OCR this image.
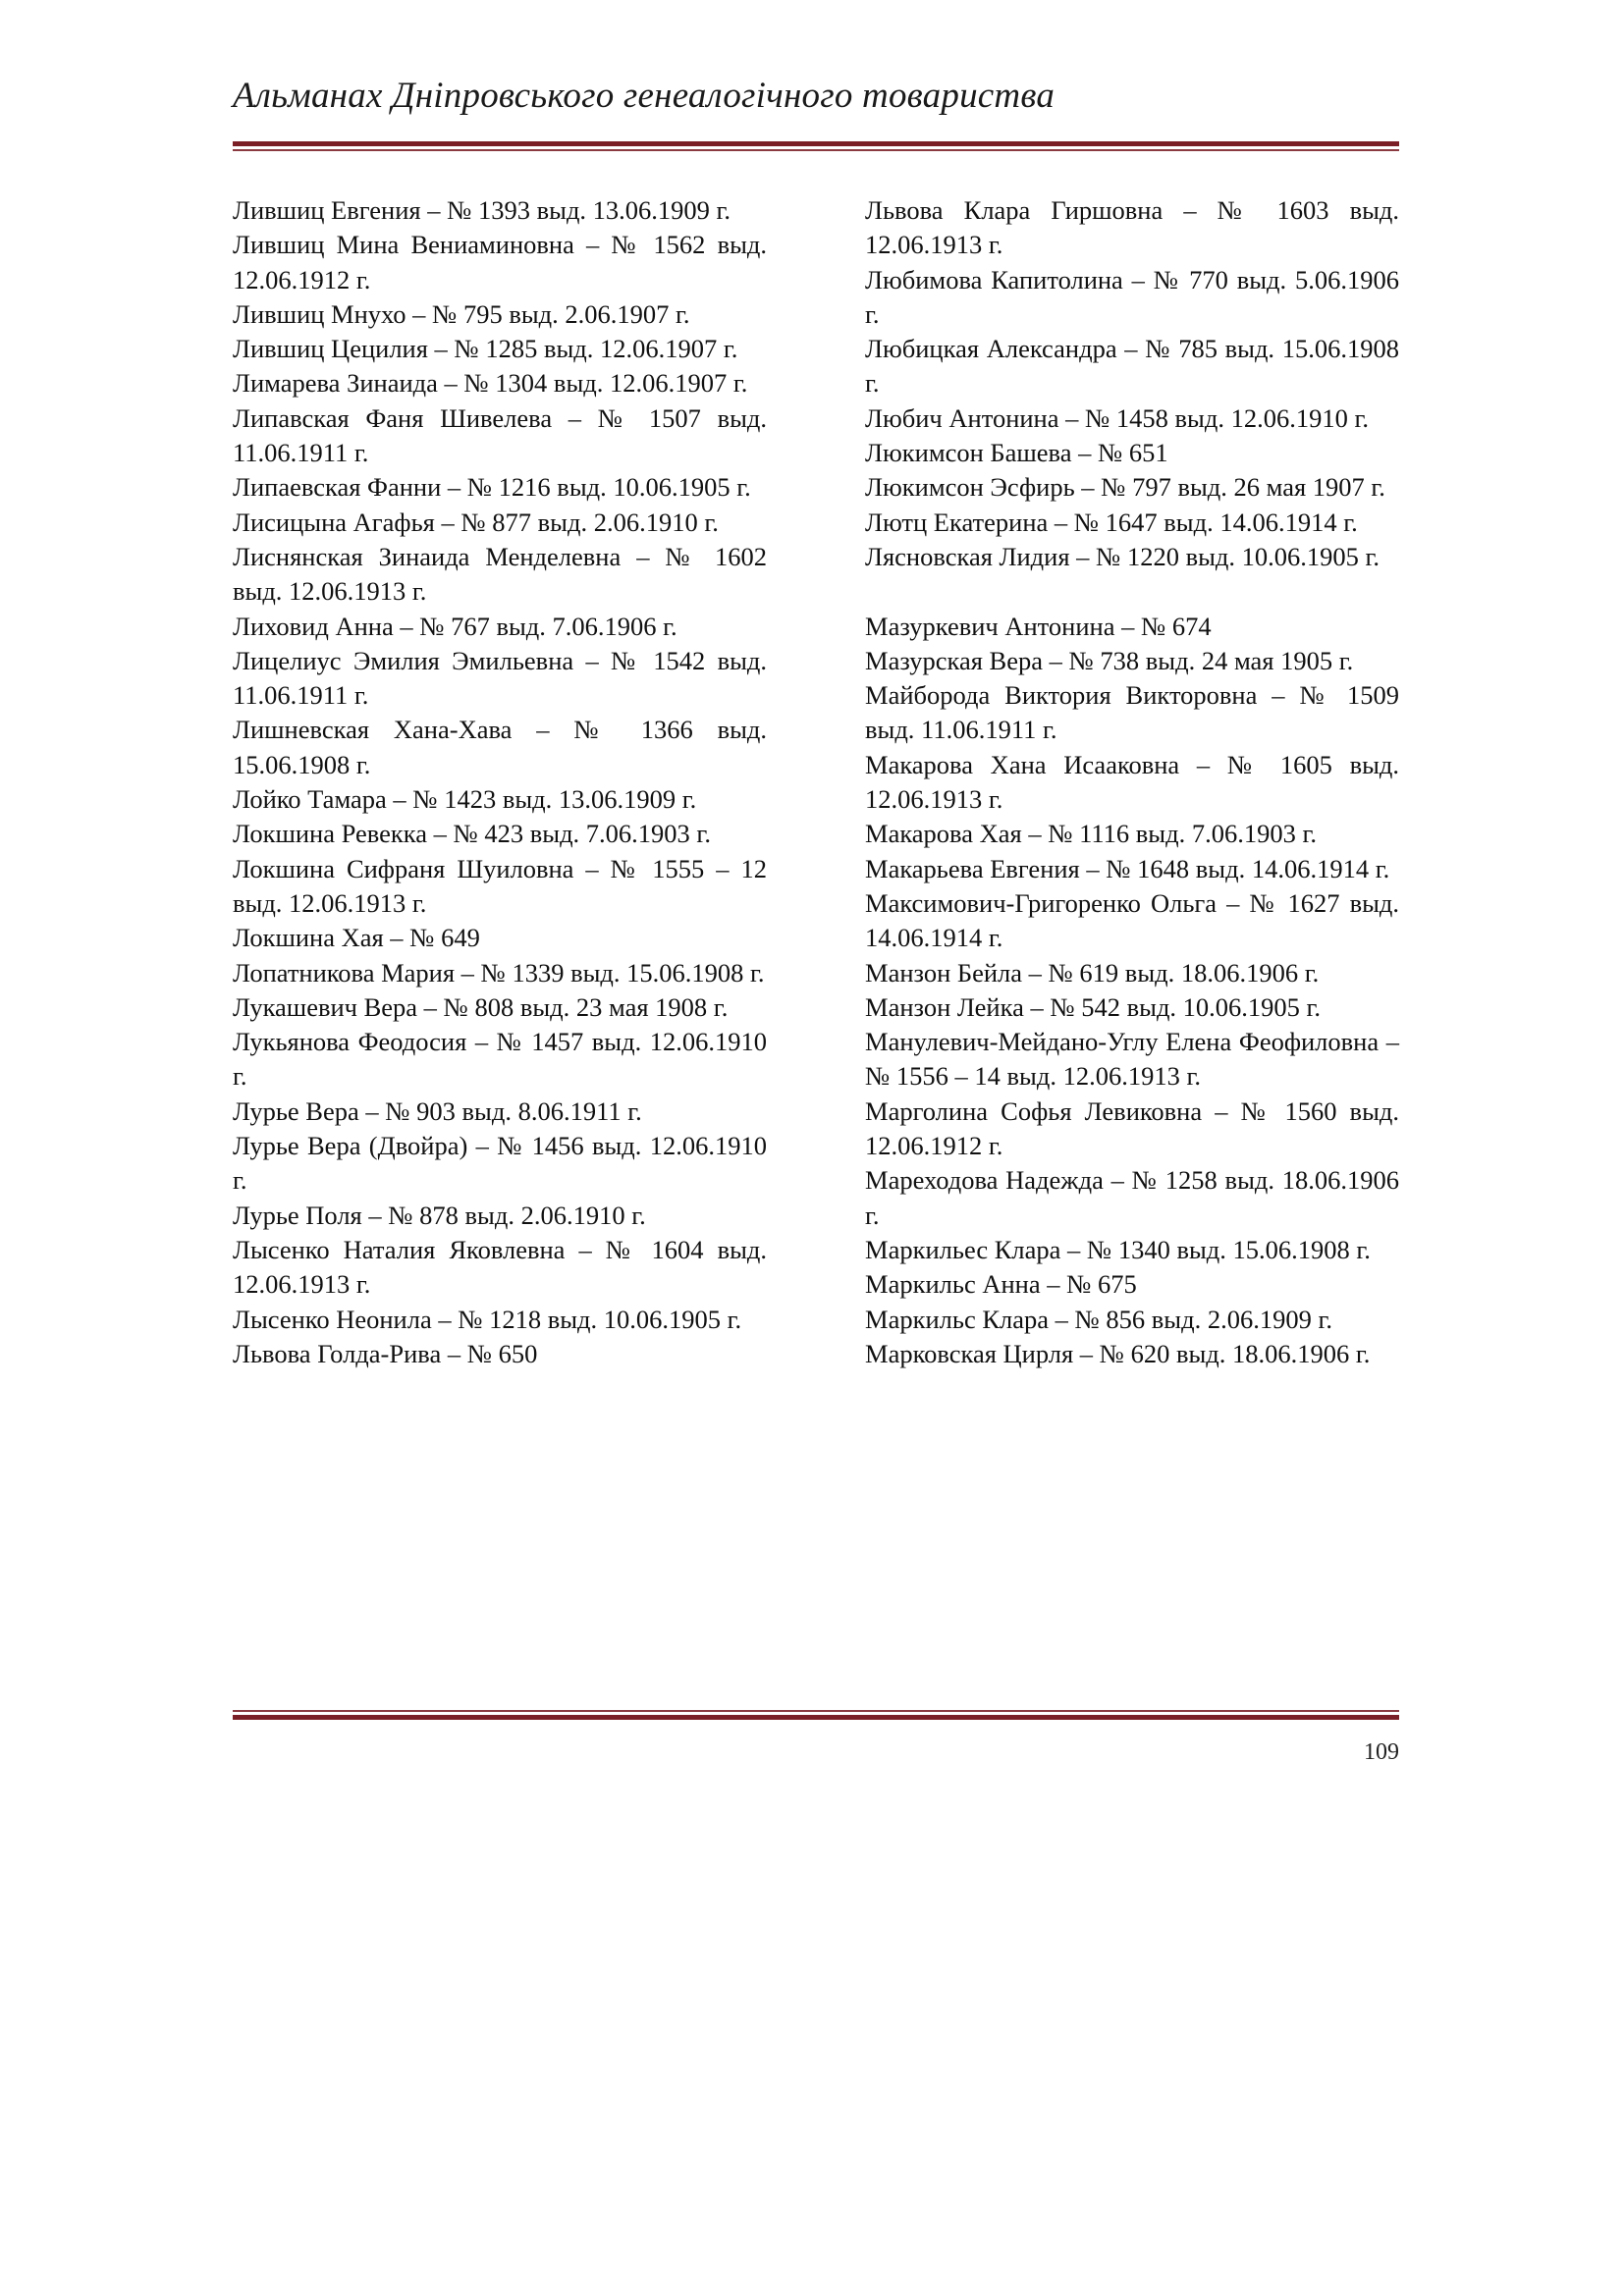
Альманах Дніпровського генеалогічного товариства

Лившиц Евгения – № 1393 выд. 13.06.1909 г.

Лившиц Мина Вениаминовна – № 1562 выд. 12.06.1912 г.

Лившиц Мнухо – № 795 выд. 2.06.1907 г.

Лившиц Цецилия – № 1285 выд. 12.06.1907 г.

Лимарева Зинаида – № 1304 выд. 12.06.1907 г.

Липавская Фаня Шивелева – № 1507 выд. 11.06.1911 г.

Липаевская Фанни – № 1216 выд. 10.06.1905 г.

Лисицына Агафья – № 877 выд. 2.06.1910 г.

Лиснянская Зинаида Менделевна – № 1602 выд. 12.06.1913 г.

Лиховид Анна – № 767 выд. 7.06.1906 г.

Лицелиус Эмилия Эмильевна – № 1542 выд. 11.06.1911 г.

Лишневская Хана-Хава – № 1366 выд. 15.06.1908 г.

Лойко Тамара – № 1423 выд. 13.06.1909 г.

Локшина Ревекка – № 423 выд. 7.06.1903 г.

Локшина Сифраня Шуиловна – № 1555 – 12 выд. 12.06.1913 г.

Локшина Хая – № 649

Лопатникова Мария – № 1339 выд. 15.06.1908 г.

Лукашевич Вера – № 808 выд. 23 мая 1908 г.

Лукьянова Феодосия – № 1457 выд. 12.06.1910 г.

Лурье Вера – № 903 выд. 8.06.1911 г.

Лурье Вера (Двойра) – № 1456 выд. 12.06.1910 г.

Лурье Поля – № 878 выд. 2.06.1910 г.

Лысенко Наталия Яковлевна – № 1604 выд. 12.06.1913 г.

Лысенко Неонила – № 1218 выд. 10.06.1905 г.

Львова Голда-Рива – № 650

Львова Клара Гиршовна – № 1603 выд. 12.06.1913 г.

Любимова Капитолина – № 770 выд. 5.06.1906 г.

Любицкая Александра – № 785 выд. 15.06.1908 г.

Любич Антонина – № 1458 выд. 12.06.1910 г.

Люкимсон Башева – № 651

Люкимсон Эсфирь – № 797 выд. 26 мая 1907 г.

Лютц Екатерина – № 1647 выд. 14.06.1914 г.

Лясновская Лидия – № 1220 выд. 10.06.1905 г.

Мазуркевич Антонина – № 674

Мазурская Вера – № 738 выд. 24 мая 1905 г.

Майборода Виктория Викторовна – № 1509 выд. 11.06.1911 г.

Макарова Хана Исааковна – № 1605 выд. 12.06.1913 г.

Макарова Хая – № 1116 выд. 7.06.1903 г.

Макарьева Евгения – № 1648 выд. 14.06.1914 г.

Максимович-Григоренко Ольга – № 1627 выд. 14.06.1914 г.

Манзон Бейла – № 619 выд. 18.06.1906 г.

Манзон Лейка – № 542 выд. 10.06.1905 г.

Манулевич-Мейдано-Углу Елена Феофиловна – № 1556 – 14 выд. 12.06.1913 г.

Марголина Софья Левиковна – № 1560 выд. 12.06.1912 г.

Мареходова Надежда – № 1258 выд. 18.06.1906 г.

Маркильес Клара – № 1340 выд. 15.06.1908 г.

Маркильс Анна – № 675

Маркильс Клара – № 856 выд. 2.06.1909 г.

Марковская Цирля – № 620 выд. 18.06.1906 г.

109
